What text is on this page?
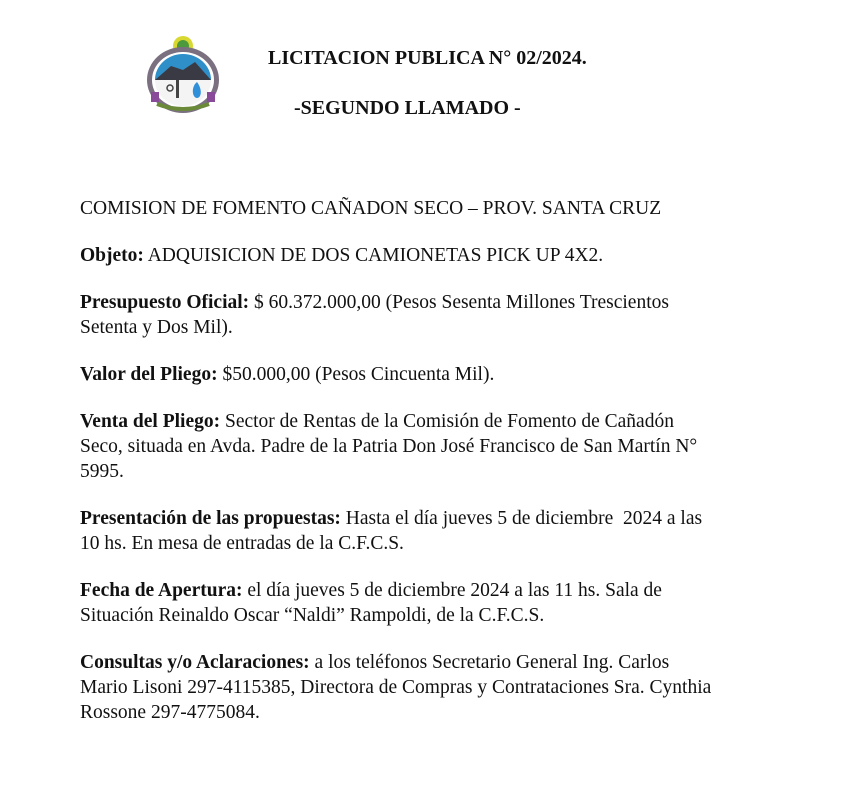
LICITACION PUBLICA N° 02/2024.
-SEGUNDO LLAMADO -

COMISION DE FOMENTO CAÑADON SECO – PROV. SANTA CRUZ

Objeto: ADQUISICION DE DOS CAMIONETAS PICK UP 4X2.

Presupuesto Oficial: $ 60.372.000,00 (Pesos Sesenta Millones Trescientos
Setenta y Dos Mil).

Valor del Pliego: $50.000,00 (Pesos Cincuenta Mil).

Venta del Pliego: Sector de Rentas de la Comisión de Fomento de Cañadón
Seco, situada en Avda. Padre de la Patria Don José Francisco de San Martín N°
5995.

Presentación de las propuestas: Hasta el día jueves 5 de diciembre  2024 a las
10 hs. En mesa de entradas de la C.F.C.S.

Fecha de Apertura: el día jueves 5 de diciembre 2024 a las 11 hs. Sala de
Situación Reinaldo Oscar “Naldi” Rampoldi, de la C.F.C.S.

Consultas y/o Aclaraciones: a los teléfonos Secretario General Ing. Carlos
Mario Lisoni 297-4115385, Directora de Compras y Contrataciones Sra. Cynthia
Rossone 297-4775084.
